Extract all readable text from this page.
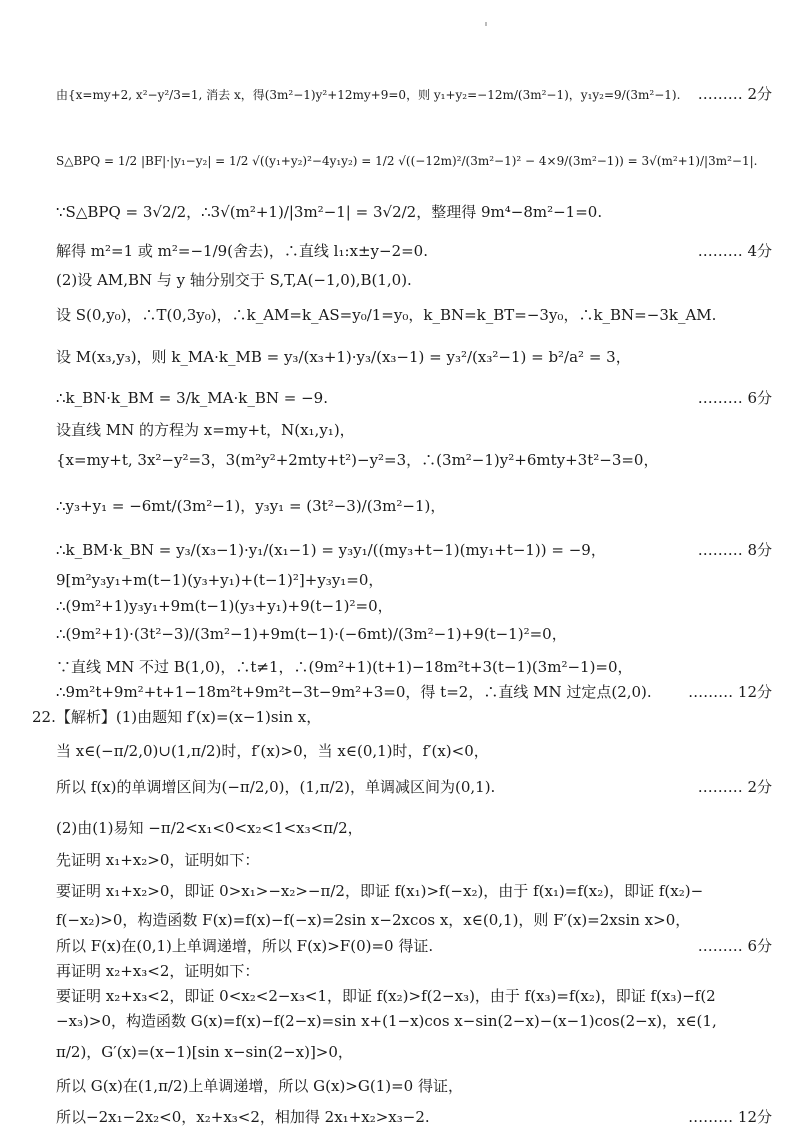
由{x=my+2, x²−y²/3=1, 消去 x，得(3m²−1)y²+12my+9=0，则 y₁+y₂=−12m/(3m²−1)，y₁y₂=9/(3m²−1). ……… 2分
S△BPQ = 1/2 |BF|·|y₁−y₂| = 1/2 √((y₁+y₂)²−4y₁y₂) = 1/2 √((−12m)²/(3m²−1)² − 4×9/(3m²−1)) = 3√(m²+1)/|3m²−1|.
∵S△BPQ = 3√2/2，∴3√(m²+1)/|3m²−1| = 3√2/2，整理得 9m⁴−8m²−1=0.
解得 m²=1 或 m²=−1/9(舍去)，∴直线 l₁:x±y−2=0.	……… 4分
(2)设 AM,BN 与 y 轴分别交于 S,T,A(−1,0),B(1,0).
设 S(0,y₀)，∴T(0,3y₀)，∴k_AM=k_AS=y₀/1=y₀，k_BN=k_BT=−3y₀，∴k_BN=−3k_AM.
设 M(x₃,y₃)，则 k_MA·k_MB = y₃/(x₃+1)·y₃/(x₃−1) = y₃²/(x₃²−1) = b²/a² = 3，
∴k_BN·k_BM = 3/k_MA·k_BN = −9.	……… 6分
设直线 MN 的方程为 x=my+t，N(x₁,y₁)，
{x=my+t, 3x²−y²=3，3(m²y²+2mty+t²)−y²=3，∴(3m²−1)y²+6mty+3t²−3=0，
∴y₃+y₁ = −6mt/(3m²−1)，y₃y₁ = (3t²−3)/(3m²−1)，
∴k_BM·k_BN = y₃/(x₃−1)·y₁/(x₁−1) = y₃y₁/((my₃+t−1)(my₁+t−1)) = −9，	……… 8分
9[m²y₃y₁+m(t−1)(y₃+y₁)+(t−1)²]+y₃y₁=0，
∴(9m²+1)y₃y₁+9m(t−1)(y₃+y₁)+9(t−1)²=0，
∴(9m²+1)·(3t²−3)/(3m²−1)+9m(t−1)·(−6mt)/(3m²−1)+9(t−1)²=0，
∵直线 MN 不过 B(1,0)，∴t≠1，∴(9m²+1)(t+1)−18m²t+3(t−1)(3m²−1)=0，
∴9m²t+9m²+t+1−18m²t+9m²t−3t−9m²+3=0，得 t=2，∴直线 MN 过定点(2,0). ……… 12分
22.【解析】(1)由题知 f′(x)=(x−1)sin x，
当 x∈(−π/2,0)∪(1,π/2)时，f′(x)>0，当 x∈(0,1)时，f′(x)<0，
所以 f(x)的单调增区间为(−π/2,0)，(1,π/2)，单调减区间为(0,1).	……… 2分
(2)由(1)易知 −π/2<x₁<0<x₂<1<x₃<π/2，
先证明 x₁+x₂>0，证明如下：
要证明 x₁+x₂>0，即证 0>x₁>−x₂>−π/2，即证 f(x₁)>f(−x₂)，由于 f(x₁)=f(x₂)，即证 f(x₂)−
f(−x₂)>0，构造函数 F(x)=f(x)−f(−x)=2sin x−2xcos x，x∈(0,1)，则 F′(x)=2xsin x>0，
所以 F(x)在(0,1)上单调递增，所以 F(x)>F(0)=0 得证.	……… 6分
再证明 x₂+x₃<2，证明如下：
要证明 x₂+x₃<2，即证 0<x₂<2−x₃<1，即证 f(x₂)>f(2−x₃)，由于 f(x₃)=f(x₂)，即证 f(x₃)−f(2
−x₃)>0，构造函数 G(x)=f(x)−f(2−x)=sin x+(1−x)cos x−sin(2−x)−(x−1)cos(2−x)，x∈(1,
π/2)，G′(x)=(x−1)[sin x−sin(2−x)]>0，
所以 G(x)在(1,π/2)上单调递增，所以 G(x)>G(1)=0 得证，
所以−2x₁−2x₂<0，x₂+x₃<2，相加得 2x₁+x₂>x₃−2.	……… 12分
